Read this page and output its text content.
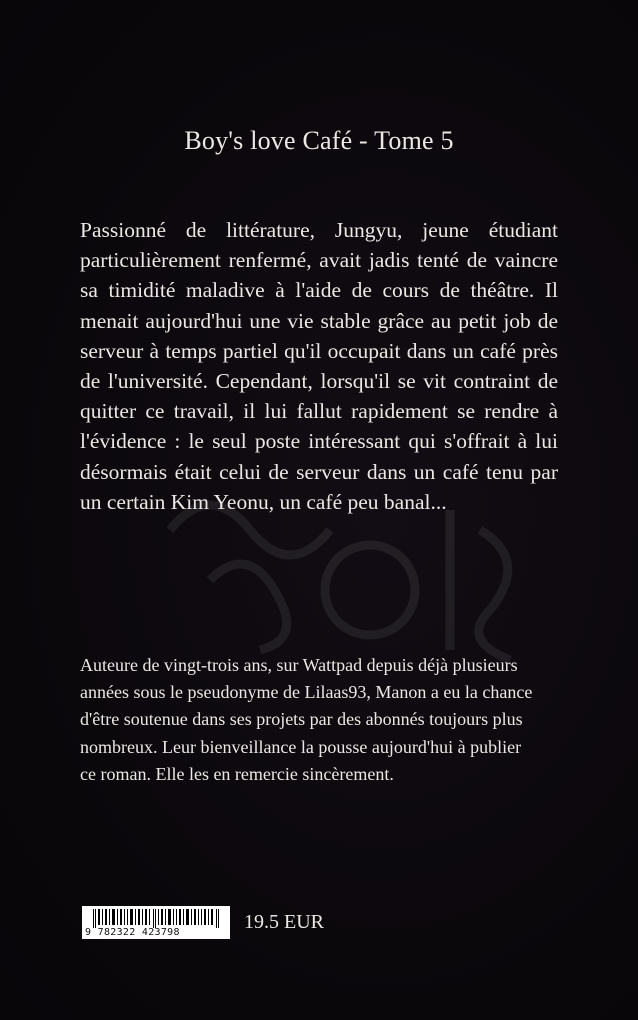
Boy's love Café - Tome 5

Passionné de littérature, Jungyu, jeune étudiant particulièrement renfermé, avait jadis tenté de vaincre sa timidité maladive à l'aide de cours de théâtre. Il menait aujourd'hui une vie stable grâce au petit job de serveur à temps partiel qu'il occupait dans un café près de l'université. Cependant, lorsqu'il se vit contraint de quitter ce travail, il lui fallut rapidement se rendre à l'évidence : le seul poste intéressant qui s'offrait à lui désormais était celui de serveur dans un café tenu par un certain Kim Yeonu, un café peu banal...

Auteure de vingt-trois ans, sur Wattpad depuis déjà plusieurs
années sous le pseudonyme de Lilaas93, Manon a eu la chance
d'être soutenue dans ses projets par des abonnés toujours plus
nombreux. Leur bienveillance la pousse aujourd'hui à publier
ce roman. Elle les en remercie sincèrement.
9 782322 423798	19.5 EUR
